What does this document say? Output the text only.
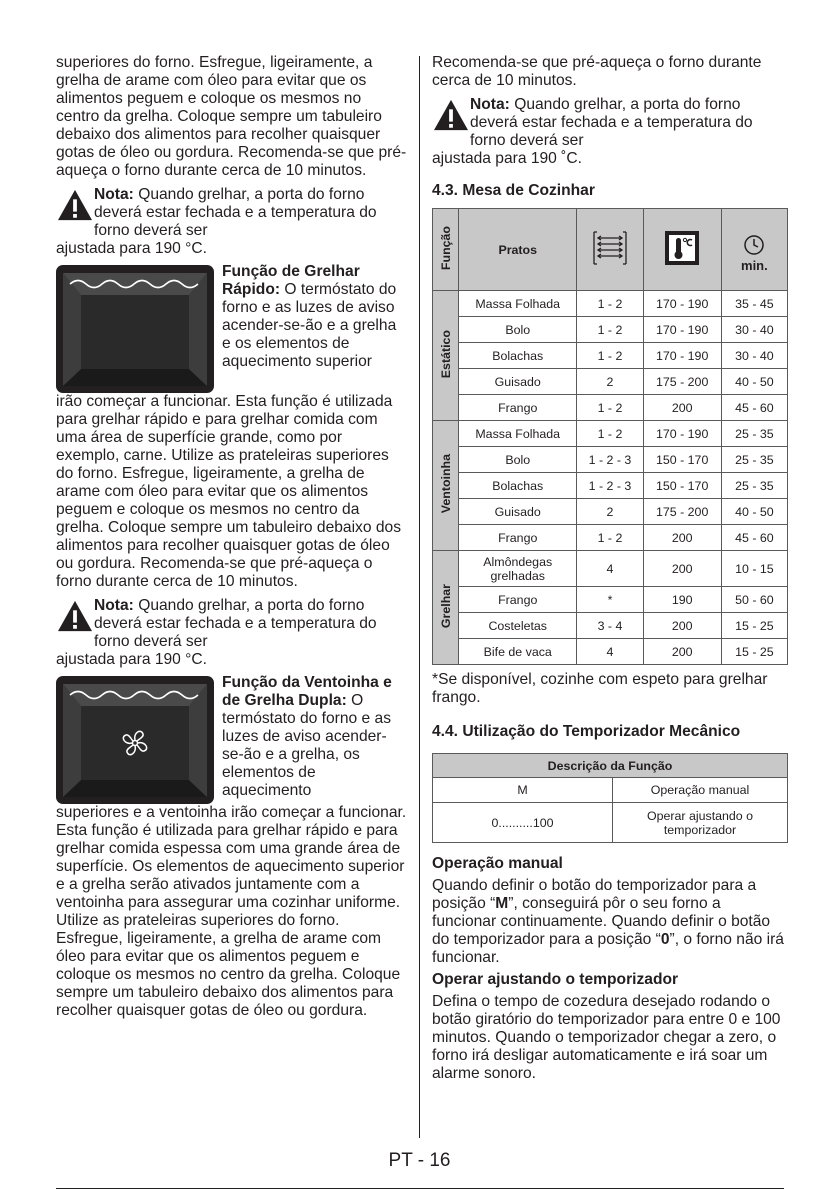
superiores do forno. Esfregue, ligeiramente, a grelha de arame com óleo para evitar que os alimentos peguem e coloque os mesmos no centro da grelha. Coloque sempre um tabuleiro debaixo dos alimentos para recolher quaisquer gotas de óleo ou gordura. Recomenda-se que pré-aqueça o forno durante cerca de 10 minutos.

Nota: Quando grelhar, a porta do forno deverá estar fechada e a temperatura do forno deverá ser

ajustada para 190 °C.

Função de Grelhar Rápido: O termóstato do forno e as luzes de aviso acender-se-ão e a grelha e os elementos de aquecimento superior

irão começar a funcionar. Esta função é utilizada para grelhar rápido e para grelhar comida com uma área de superfície grande, como por exemplo, carne. Utilize as prateleiras superiores do forno. Esfregue, ligeiramente, a grelha de arame com óleo para evitar que os alimentos peguem e coloque os mesmos no centro da grelha. Coloque sempre um tabuleiro debaixo dos alimentos para recolher quaisquer gotas de óleo ou gordura. Recomenda-se que pré-aqueça o forno durante cerca de 10 minutos.

Nota: Quando grelhar, a porta do forno deverá estar fechada e a temperatura do forno deverá ser

ajustada para 190 °C.

Função da Ventoinha e de Grelha Dupla: O termóstato do forno e as luzes de aviso acender-se-ão e a grelha, os elementos de aquecimento

superiores e a ventoinha irão começar a funcionar. Esta função é utilizada para grelhar rápido e para grelhar comida espessa com uma grande área de superfície. Os elementos de aquecimento superior e a grelha serão ativados juntamente com a ventoinha para assegurar uma cozinhar uniforme. Utilize as prateleiras superiores do forno. Esfregue, ligeiramente, a grelha de arame com óleo para evitar que os alimentos peguem e coloque os mesmos no centro da grelha. Coloque sempre um tabuleiro debaixo dos alimentos para recolher quaisquer gotas de óleo ou gordura.

Recomenda-se que pré-aqueça o forno durante cerca de 10 minutos.

Nota: Quando grelhar, a porta do forno deverá estar fechada e a temperatura do forno deverá ser

ajustada para 190 ˚C.

4.3. Mesa de Cozinhar
Função	Pratos			min.
Estático	Massa Folhada	1 - 2	170 - 190	35 - 45
	Bolo	1 - 2	170 - 190	30 - 40
	Bolachas	1 - 2	170 - 190	30 - 40
	Guisado	2	175 - 200	40 - 50
	Frango	1 - 2	200	45 - 60
Ventoinha	Massa Folhada	1 - 2	170 - 190	25 - 35
	Bolo	1 - 2 - 3	150 - 170	25 - 35
	Bolachas	1 - 2 - 3	150 - 170	25 - 35
	Guisado	2	175 - 200	40 - 50
	Frango	1 - 2	200	45 - 60
Grelhar	Almôndegas grelhadas	4	200	10 - 15
	Frango	*	190	50 - 60
	Costeletas	3 - 4	200	15 - 25
	Bife de vaca	4	200	15 - 25

*Se disponível, cozinhe com espeto para grelhar frango.

4.4. Utilização do Temporizador Mecânico
Descrição da Função	
M	Operação manual
0..........100	Operar ajustando o temporizador
Operação manual

Quando definir o botão do temporizador para a posição “M”, conseguirá pôr o seu forno a funcionar continuamente. Quando definir o botão do temporizador para a posição “0”, o forno não irá funcionar.

Operar ajustando o temporizador

Defina o tempo de cozedura desejado rodando o botão giratório do temporizador para entre 0 e 100 minutos. Quando o temporizador chegar a zero, o forno irá desligar automaticamente e irá soar um alarme sonoro.

PT - 16
